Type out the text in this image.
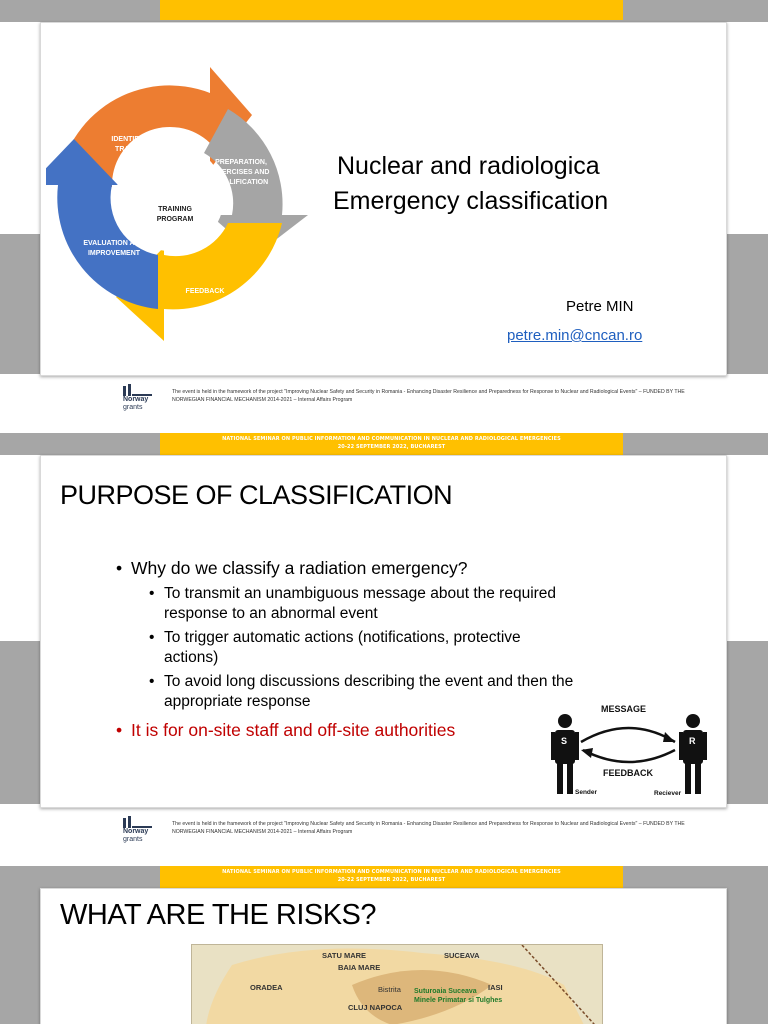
TRAINING PROGRAM
IDENTIFICATION OF TRAINING NEEDS
PREPARATION, EXERCISES AND QUALIFICATION
FEEDBACK
EVALUATION AND IMPROVEMENT
Nuclear and radiologica
Emergency classification
Petre MIN
petre.min@cncan.ro
Norway
grants
The event is held in the framework of the project "Improving Nuclear Safety and Security in Romania - Enhancing Disaster Resilience and Preparedness for Response to Nuclear and Radiological Events" – FUNDED BY THE NORWEGIAN FINANCIAL MECHANISM 2014-2021 – Internal Affairs Program
NATIONAL SEMINAR ON PUBLIC INFORMATION AND COMMUNICATION IN NUCLEAR AND RADIOLOGICAL EMERGENCIES
20-22 SEPTEMBER 2022, BUCHAREST
PURPOSE OF CLASSIFICATION
• Why do we classify a radiation emergency?
• To transmit an unambiguous message about the required response to an abnormal event
• To trigger automatic actions (notifications, protective actions)
• To avoid long discussions describing the event and then the appropriate response
• It is for on-site staff and off-site authorities
MESSAGE
FEEDBACK
S	R
Sender	Reciever
Norway
grants
The event is held in the framework of the project "Improving Nuclear Safety and Security in Romania - Enhancing Disaster Resilience and Preparedness for Response to Nuclear and Radiological Events" – FUNDED BY THE NORWEGIAN FINANCIAL MECHANISM 2014-2021 – Internal Affairs Program
NATIONAL SEMINAR ON PUBLIC INFORMATION AND COMMUNICATION IN NUCLEAR AND RADIOLOGICAL EMERGENCIES
20-22 SEPTEMBER 2022, BUCHAREST
WHAT ARE THE RISKS?
SATU MARE
BAIA MARE
SUCEAVA
ORADEA	IASI
CLUJ NAPOCA
Bistrita Suturoaia Suceava
Minele Primatar si Tulghes
